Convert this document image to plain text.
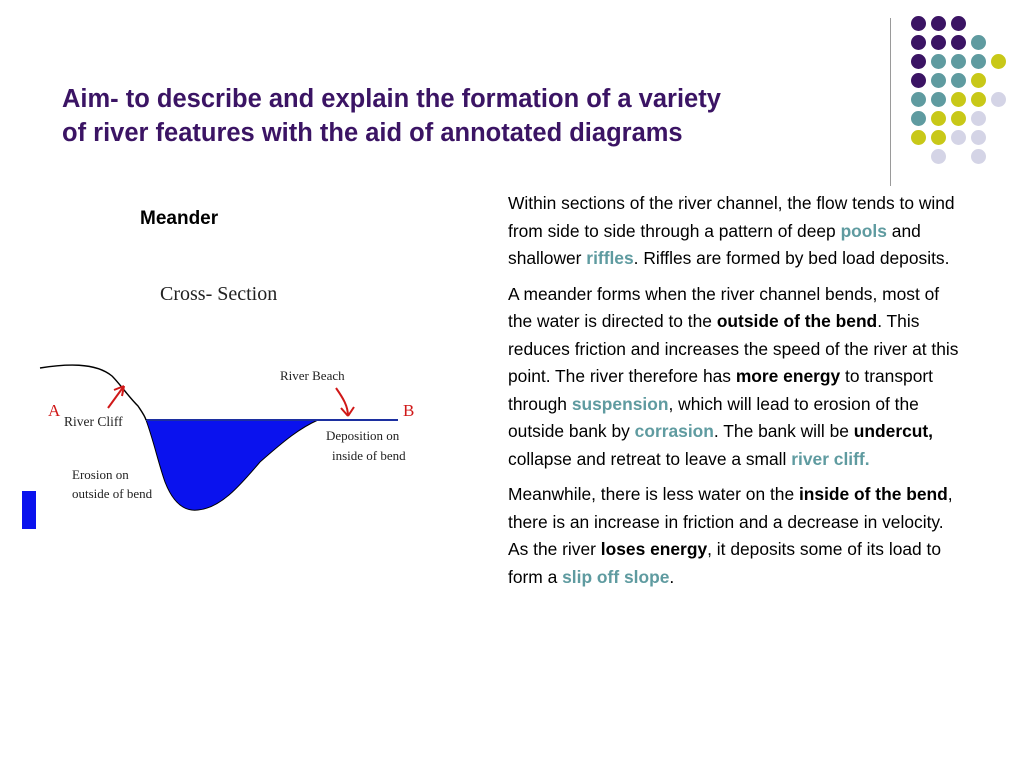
Aim- to describe and explain the formation of a variety
of river features with the aid of annotated diagrams
Meander
Cross- Section
A
River Cliff
River Beach
B
Deposition on
inside of bend
Erosion on
outside of bend

Within sections of the river channel, the flow tends to wind from side to side through a pattern of deep pools and shallower riffles. Riffles are formed by bed load deposits.

A meander forms when the river channel bends, most of the water is directed to the outside of the bend. This reduces friction and increases the speed of the river at this point. The river therefore has more energy to transport through suspension, which will lead to erosion of the outside bank by corrasion. The bank will be undercut, collapse and retreat to leave a small river cliff.

Meanwhile, there is less water on the inside of the bend, there is an increase in friction and a decrease in velocity. As the river loses energy, it deposits some of its load to form a slip off slope.
